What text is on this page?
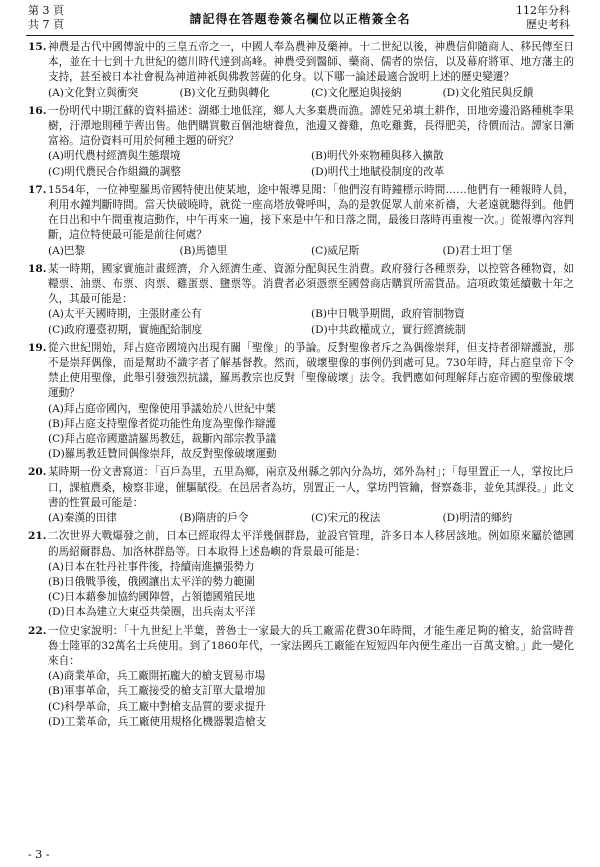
第 3 頁
共 7 頁	請記得在答題卷簽名欄位以正楷簽全名
112年分科
歷史考科
15. 神農是古代中國傳說中的三皇五帝之一，中國人奉為農神及藥神。十二世紀以後，神農信仰隨商人、移民傳至日本，並在十七到十九世紀的德川時代達到高峰。神農受到醫師、藥商、儒者的崇信，以及幕府將軍、地方藩主的支持，甚至被日本社會視為神道神祇與佛教菩薩的化身。以下哪一論述最適合說明上述的歷史變遷？
(A)文化對立與衝突	(B)文化互動與轉化	(C)文化壓迫與接納	(D)文化殖民與反饋
16. 一份明代中期江蘇的資料描述：湖郷土地低窪，鄉人大多棄農而漁。譚姓兄弟填土耕作，田地旁邊沿路種桃李果樹，汙潭地則種芋薺出售。他們購買數百個池塘養魚，池邊又養雞，魚吃雞糞，長得肥美，待價而沽。譚家日漸富裕。這份資料可用於何種主題的研究？
(A)明代農村經濟與生態環境	(B)明代外來物種與移入擴散
(C)明代農民合作組織的調整	(D)明代土地賦役制度的改革
17. 1554年，一位神聖羅馬帝國特使出使某地，途中報導見聞：「他們沒有時鐘標示時間……他們有一種報時人員，利用水鐘判斷時間。當天快破曉時，就從一座高塔放聲呼叫，為的是敦促眾人前來祈禱，大老遠就聽得到。他們在日出和中午間重複這動作，中午再來一遍，接下來是中午和日落之間，最後日落時再重複一次。」從報導內容判斷，這位特使最可能是前往何處？
(A)巴黎	(B)馬德里	(C)威尼斯	(D)君士坦丁堡
18. 某一時期，國家實施計畫經濟，介入經濟生產、資源分配與民生消費。政府發行各種票券，以控管各種物資，如糧票、油票、布票、肉票、雞蛋票、鹽票等。消費者必須憑票至國營商店購買所需貨品。這項政策延續數十年之久，其最可能是：
(A)太平天國時期，主張財產公有	(B)中日戰爭期間，政府管制物資
(C)政府遷臺初期，實施配給制度	(D)中共政權成立，實行經濟統制
19. 從六世紀開始，拜占庭帝國境內出現有關「聖像」的爭論。反對聖像者斥之為偶像崇拜，但支持者卻辯護說，那不是崇拜偶像，而是幫助不識字者了解基督教。然而，破壞聖像的事例仍到處可見。730年時，拜占庭皇帝下令禁止使用聖像，此舉引發強烈抗議，羅馬教宗也反對「聖像破壞」法令。我們應如何理解拜占庭帝國的聖像破壞運動？
(A)拜占庭帝國內，聖像使用爭議始於八世紀中葉
(B)拜占庭支持聖像者從功能性角度為聖像作辯護
(C)拜占庭帝國邀請羅馬教廷，裁斷內部宗教爭議
(D)羅馬教廷贊同偶像崇拜，故反對聖像破壞運動
20. 某時期一份文書寫道：「百戶為里，五里為鄉，兩京及州縣之郭內分為坊，郊外為村」；「每里置正一人，掌按比戶口，課植農桑，檢察非違，催驅賦役。在邑居者為坊，別置正一人，掌坊門管鑰，督察姦非，並免其課役。」此文書的性質最可能是：
(A)秦漢的田律	(B)隋唐的戶令	(C)宋元的稅法	(D)明清的鄉約
21. 二次世界大戰爆發之前，日本已經取得太平洋幾個群島，並設官管理，許多日本人移居該地。例如原來屬於德國的馬紹爾群島、加洛林群島等。日本取得上述島嶼的背景最可能是：
(A)日本在牡丹社事件後，持續南進擴張勢力
(B)日俄戰爭後，俄國讓出太平洋的勢力範圍
(C)日本藉參加協約國陣營，占領德國殖民地
(D)日本為建立大東亞共榮圈，出兵南太平洋
22. 一位史家說明：「十九世紀上半葉，普魯士一家最大的兵工廠需花費30年時間，才能生產足夠的槍支，給當時普魯士陸軍的32萬名士兵使用。到了1860年代，一家法國兵工廠能在短短四年內便生產出一百萬支槍。」此一變化來自：
(A)商業革命，兵工廠開拓龐大的槍支貿易市場
(B)軍事革命，兵工廠接受的槍支訂單大量增加
(C)科學革命，兵工廠中對槍支品質的要求提升
(D)工業革命，兵工廠使用規格化機器製造槍支
- 3 -
